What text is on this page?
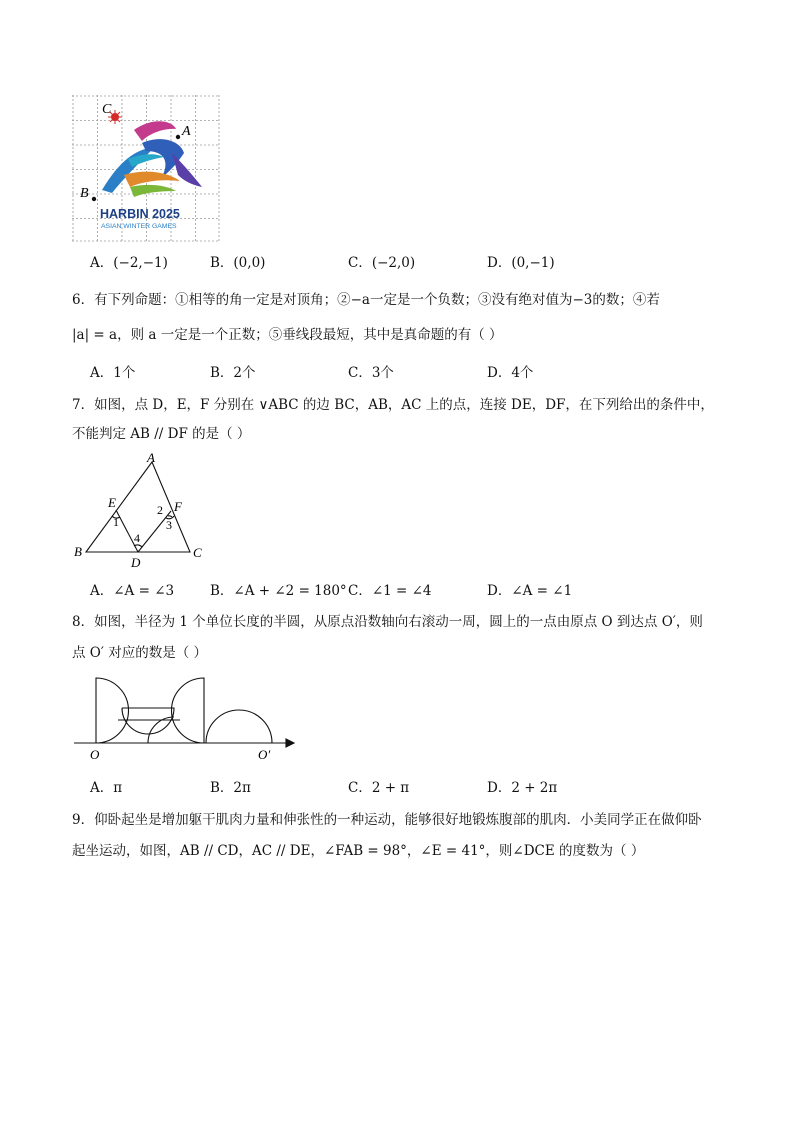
A
B
C
HARBIN 2025
ASIAN WINTER GAMES
A．(−2,−1)	B．(0,0)	C．(−2,0)	D．(0,−1)
6．有下列命题：①相等的角一定是对顶角；②−a一定是一个负数；③没有绝对值为−3的数；④若
|a| = a，则 a 一定是一个正数；⑤垂线段最短，其中是真命题的有（ ）
A．1个	B．2个	C．3个	D．4个
7．如图，点 D，E，F 分别在 ∨ABC 的边 BC，AB，AC 上的点，连接 DE，DF，在下列给出的条件中，
不能判定 AB // DF 的是（ ）
A
B	C
D
E	F
1
2
3
4
A．∠A = ∠3	B．∠A + ∠2 = 180° C．∠1 = ∠4	D．∠A = ∠1
8．如图，半径为 1 个单位长度的半圆，从原点沿数轴向右滚动一周，圆上的一点由原点 O 到达点 O′，则
点 O′ 对应的数是（ ）
O	O′
A．π	B．2π	C．2 + π	D．2 + 2π
9．仰卧起坐是增加躯干肌肉力量和伸张性的一种运动，能够很好地锻炼腹部的肌肉．小美同学正在做仰卧
起坐运动，如图，AB // CD，AC // DE，∠FAB = 98°，∠E = 41°，则∠DCE 的度数为（ ）
